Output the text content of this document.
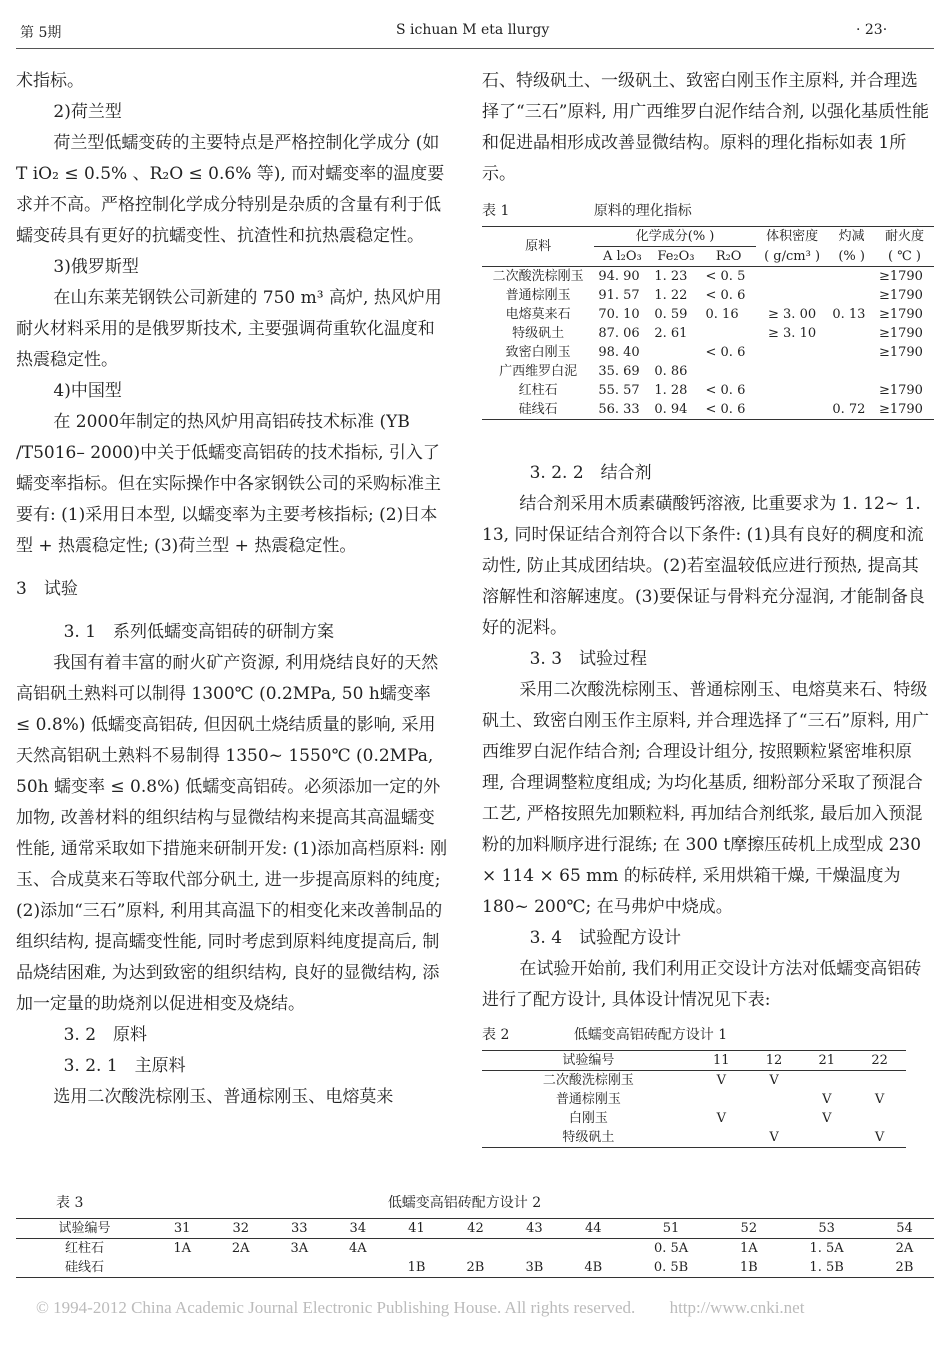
第 5期	S ichuan M eta llurgy	· 23·

术指标。

2)荷兰型

荷兰型低蠕变砖的主要特点是严格控制化学成分 (如 T iO₂ ≤ 0.5% 、R₂O ≤ 0.6% 等), 而对蠕变率的温度要求并不高。严格控制化学成分特别是杂质的含量有利于低蠕变砖具有更好的抗蠕变性、抗渣性和抗热震稳定性。

3)俄罗斯型

在山东莱芜钢铁公司新建的 750 m³ 高炉, 热风炉用耐火材料采用的是俄罗斯技术, 主要强调荷重软化温度和热震稳定性。

4)中国型

在 2000年制定的热风炉用高铝砖技术标准 (YB /T5016– 2000)中关于低蠕变高铝砖的技术指标, 引入了蠕变率指标。但在实际操作中各家钢铁公司的采购标准主要有: (1)采用日本型, 以蠕变率为主要考核指标; (2)日本型 + 热震稳定性; (3)荷兰型 + 热震稳定性。

3　试验

3. 1　系列低蠕变高铝砖的研制方案

我国有着丰富的耐火矿产资源, 利用烧结良好的天然高铝矾土熟料可以制得 1300℃ (0.2MPa, 50 h蠕变率 ≤ 0.8%) 低蠕变高铝砖, 但因矾土烧结质量的影响, 采用天然高铝矾土熟料不易制得 1350~ 1550℃ (0.2MPa, 50h 蠕变率 ≤ 0.8%) 低蠕变高铝砖。必须添加一定的外加物, 改善材料的组织结构与显微结构来提高其高温蠕变性能, 通常采取如下措施来研制开发: (1)添加高档原料: 刚玉、合成莫来石等取代部分矾土, 进一步提高原料的纯度; (2)添加“三石”原料, 利用其高温下的相变化来改善制品的组织结构, 提高蠕变性能, 同时考虑到原料纯度提高后, 制品烧结困难, 为达到致密的组织结构, 良好的显微结构, 添加一定量的助烧剂以促进相变及烧结。

3. 2　原料

3. 2. 1　主原料

选用二次酸洗棕刚玉、普通棕刚玉、电熔莫来

石、特级矾土、一级矾土、致密白刚玉作主原料, 并合理选择了“三石”原料, 用广西维罗白泥作结合剂, 以强化基质性能和促进晶相形成改善显微结构。原料的理化指标如表 1所示。

表 1	原料的理化指标
原料	化学成分(% )			体积密度	灼减	耐火度
	A l₂O₃	Fe₂O₃	R₂O	( g/cm³ )	(% )	( ℃ )
二次酸洗棕刚玉	94. 90	1. 23	< 0. 5			≥1790
普通棕刚玉	91. 57	1. 22	< 0. 6			≥1790
电熔莫来石	70. 10	0. 59	0. 16	≥ 3. 00	0. 13	≥1790
特级矾土	87. 06	2. 61		≥ 3. 10		≥1790
致密白刚玉	98. 40		< 0. 6			≥1790
广西维罗白泥	35. 69	0. 86				
红柱石	55. 57	1. 28	< 0. 6			≥1790
硅线石	56. 33	0. 94	< 0. 6		0. 72	≥1790

3. 2. 2　结合剂

结合剂采用木质素磺酸钙溶液, 比重要求为 1. 12~ 1. 13, 同时保证结合剂符合以下条件: (1)具有良好的稠度和流动性, 防止其成团结块。(2)若室温较低应进行预热, 提高其溶解性和溶解速度。(3)要保证与骨料充分湿润, 才能制备良好的泥料。

3. 3　试验过程

采用二次酸洗棕刚玉、普通棕刚玉、电熔莫来石、特级矾土、致密白刚玉作主原料, 并合理选择了“三石”原料, 用广西维罗白泥作结合剂; 合理设计组分, 按照颗粒紧密堆积原理, 合理调整粒度组成; 为均化基质, 细粉部分采取了预混合工艺, 严格按照先加颗粒料, 再加结合剂纸浆, 最后加入预混粉的加料顺序进行混练; 在 300 t摩擦压砖机上成型成 230 × 114 × 65 mm 的标砖样, 采用烘箱干燥, 干燥温度为 180~ 200℃; 在马弗炉中烧成。

3. 4　试验配方设计

在试验开始前, 我们利用正交设计方法对低蠕变高铝砖进行了配方设计, 具体设计情况见下表:

表 2	低蠕变高铝砖配方设计 1
试验编号	11	12	21	22
二次酸洗棕刚玉	V	V		
普通棕刚玉			V	V
白刚玉	V		V	
特级矾土		V		V
表 3	低蠕变高铝砖配方设计 2
试验编号	31	32	33	34	41	42	43	44	51	52	53	54
红柱石	1A	2A	3A	4A					0. 5A	1A	1. 5A	2A
硅线石					1B	2B	3B	4B	0. 5B	1B	1. 5B	2B
© 1994-2012 China Academic Journal Electronic Publishing House. All rights reserved. http://www.cnki.net
